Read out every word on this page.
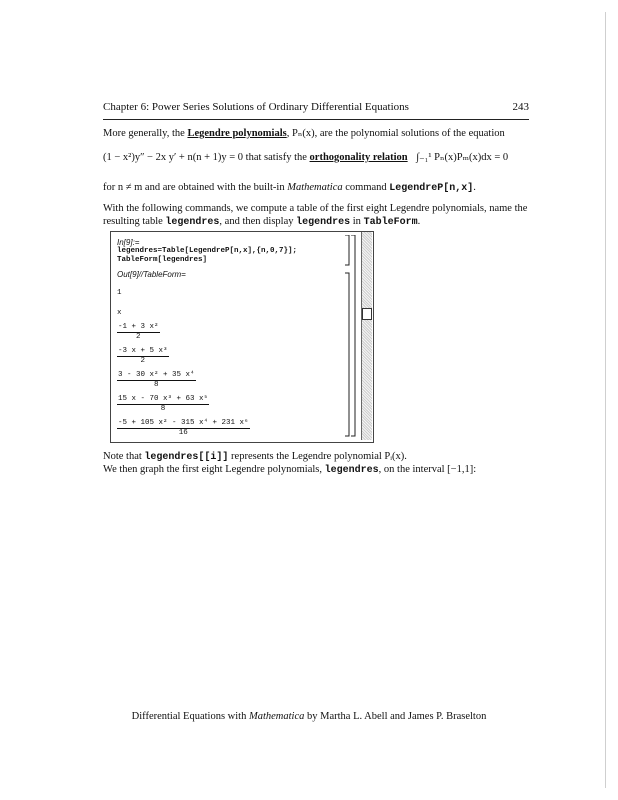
Chapter 6: Power Series Solutions of Ordinary Differential Equations	243
More generally, the Legendre polynomials, Pₙ(x), are the polynomial solutions of the equation
(1 − x²)y″ − 2x y′ + n(n + 1)y = 0 that satisfy the orthogonality relation ∫₋₁¹ Pₙ(x)Pₘ(x)dx = 0
for n ≠ m and are obtained with the built-in Mathematica command LegendreP[n,x].
With the following commands, we compute a table of the first eight Legendre polynomials, name the
resulting table legendres, and then display legendres in TableForm.
In[9]:=
legendres=Table[LegendreP[n,x],{n,0,7}];
TableForm[legendres]
Out[9]//TableForm=
1
x
$\frac{\text{-1 + 3 x²}}{2}$
$\frac{\text{-3 x + 5 x³}}{2}$
$\frac{\text{3 - 30 x² + 35 x⁴}}{8}$
$\frac{\text{15 x - 70 x³ + 63 x⁵}}{8}$
$\frac{\text{-5 + 105 x² - 315 x⁴ + 231 x⁶}}{16}$
Note that legendres[[i]] represents the Legendre polynomial Pᵢ(x).
We then graph the first eight Legendre polynomials, legendres, on the interval [−1,1]:
Differential Equations with Mathematica by Martha L. Abell and James P. Braselton
